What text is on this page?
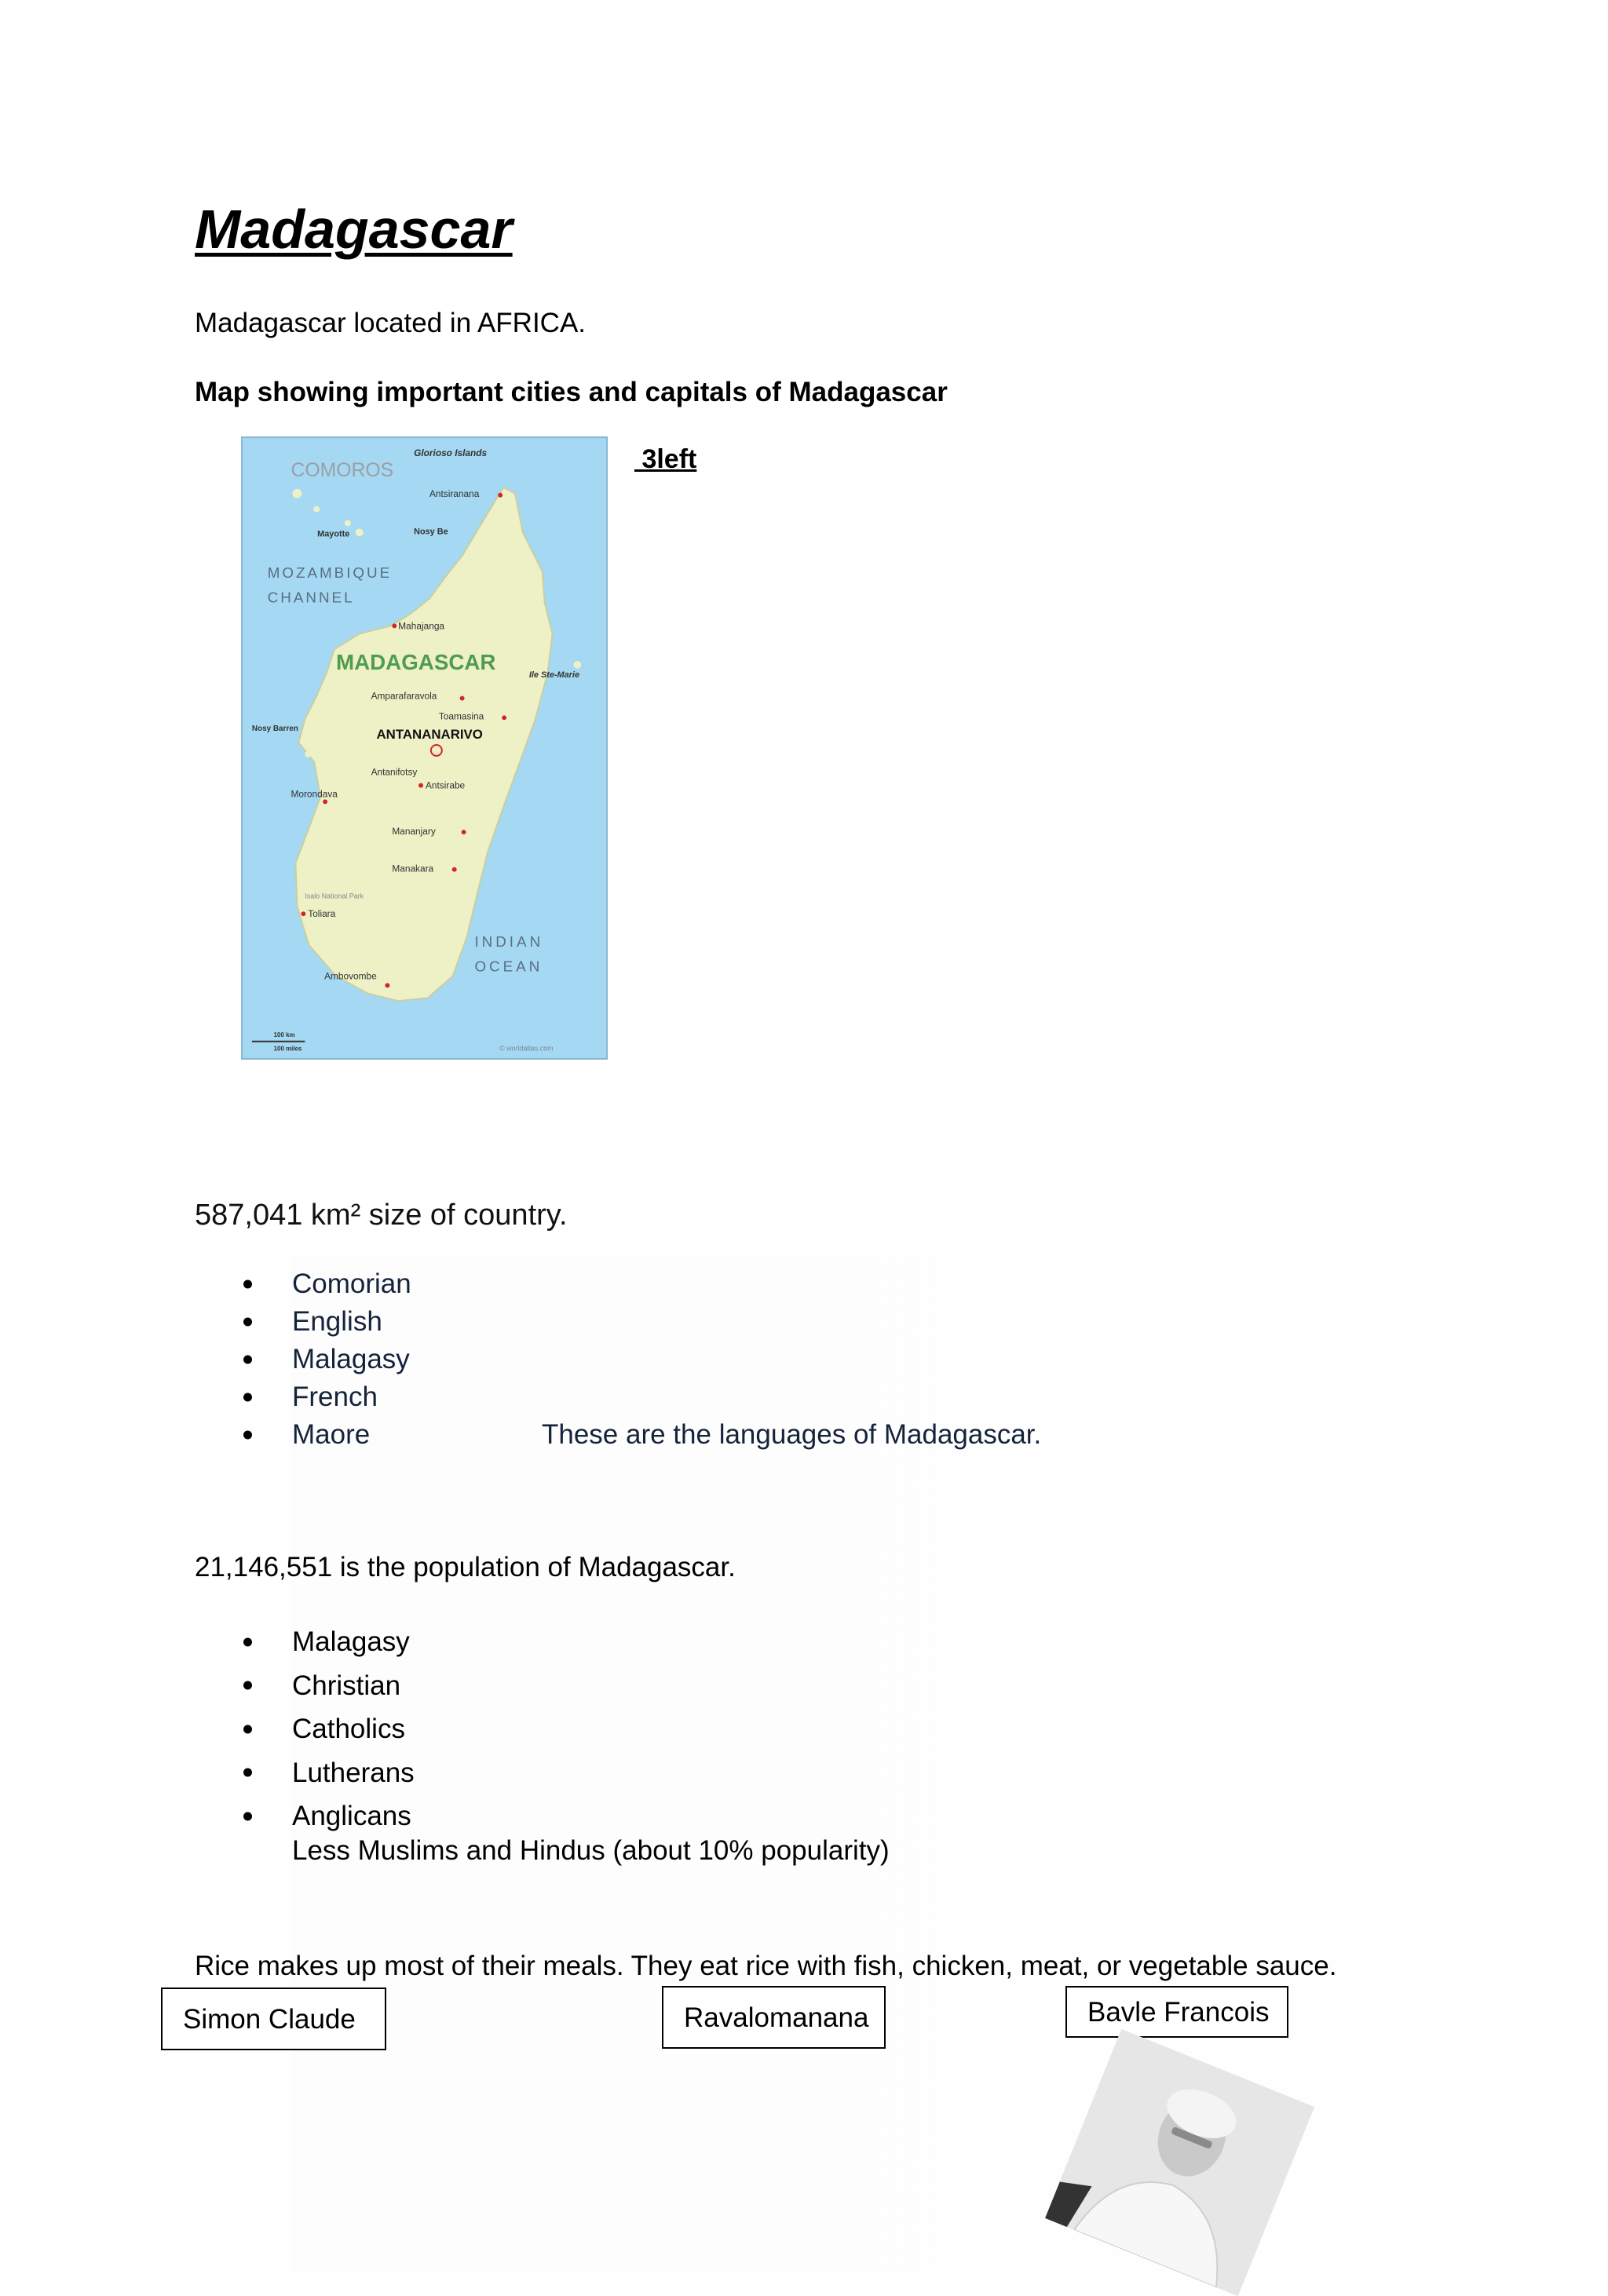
Madagascar

Madagascar located in AFRICA.

Map showing important cities and capitals of Madagascar

COMOROS
Glorioso Islands
Antsiranana
Mayotte	Nosy Be
MOZAMBIQUE
CHANNEL
Mahajanga
MADAGASCAR
Ile Ste-Marie
Amparafaravola
Toamasina
Nosy Barren	ANTANANARIVO
Antanifotsy
Antsirabe
Morondava
Mananjary
Manakara
Isalo National Park
Toliara
INDIAN
OCEAN
Ambovombe
100 km
100 miles	© worldatlas.com
3left

587,041 km² size of country.

Comorian
English
Malagasy
French
Maore	These are the languages of Madagascar.

21,146,551 is the population of Madagascar.

Malagasy
Christian
Catholics
Lutherans
Anglicans
Less Muslims and Hindus (about 10% popularity)

Rice makes up most of their meals. They eat rice with fish, chicken, meat, or vegetable sauce.

Simon Claude	Ravalomanana	Bavle Francois
